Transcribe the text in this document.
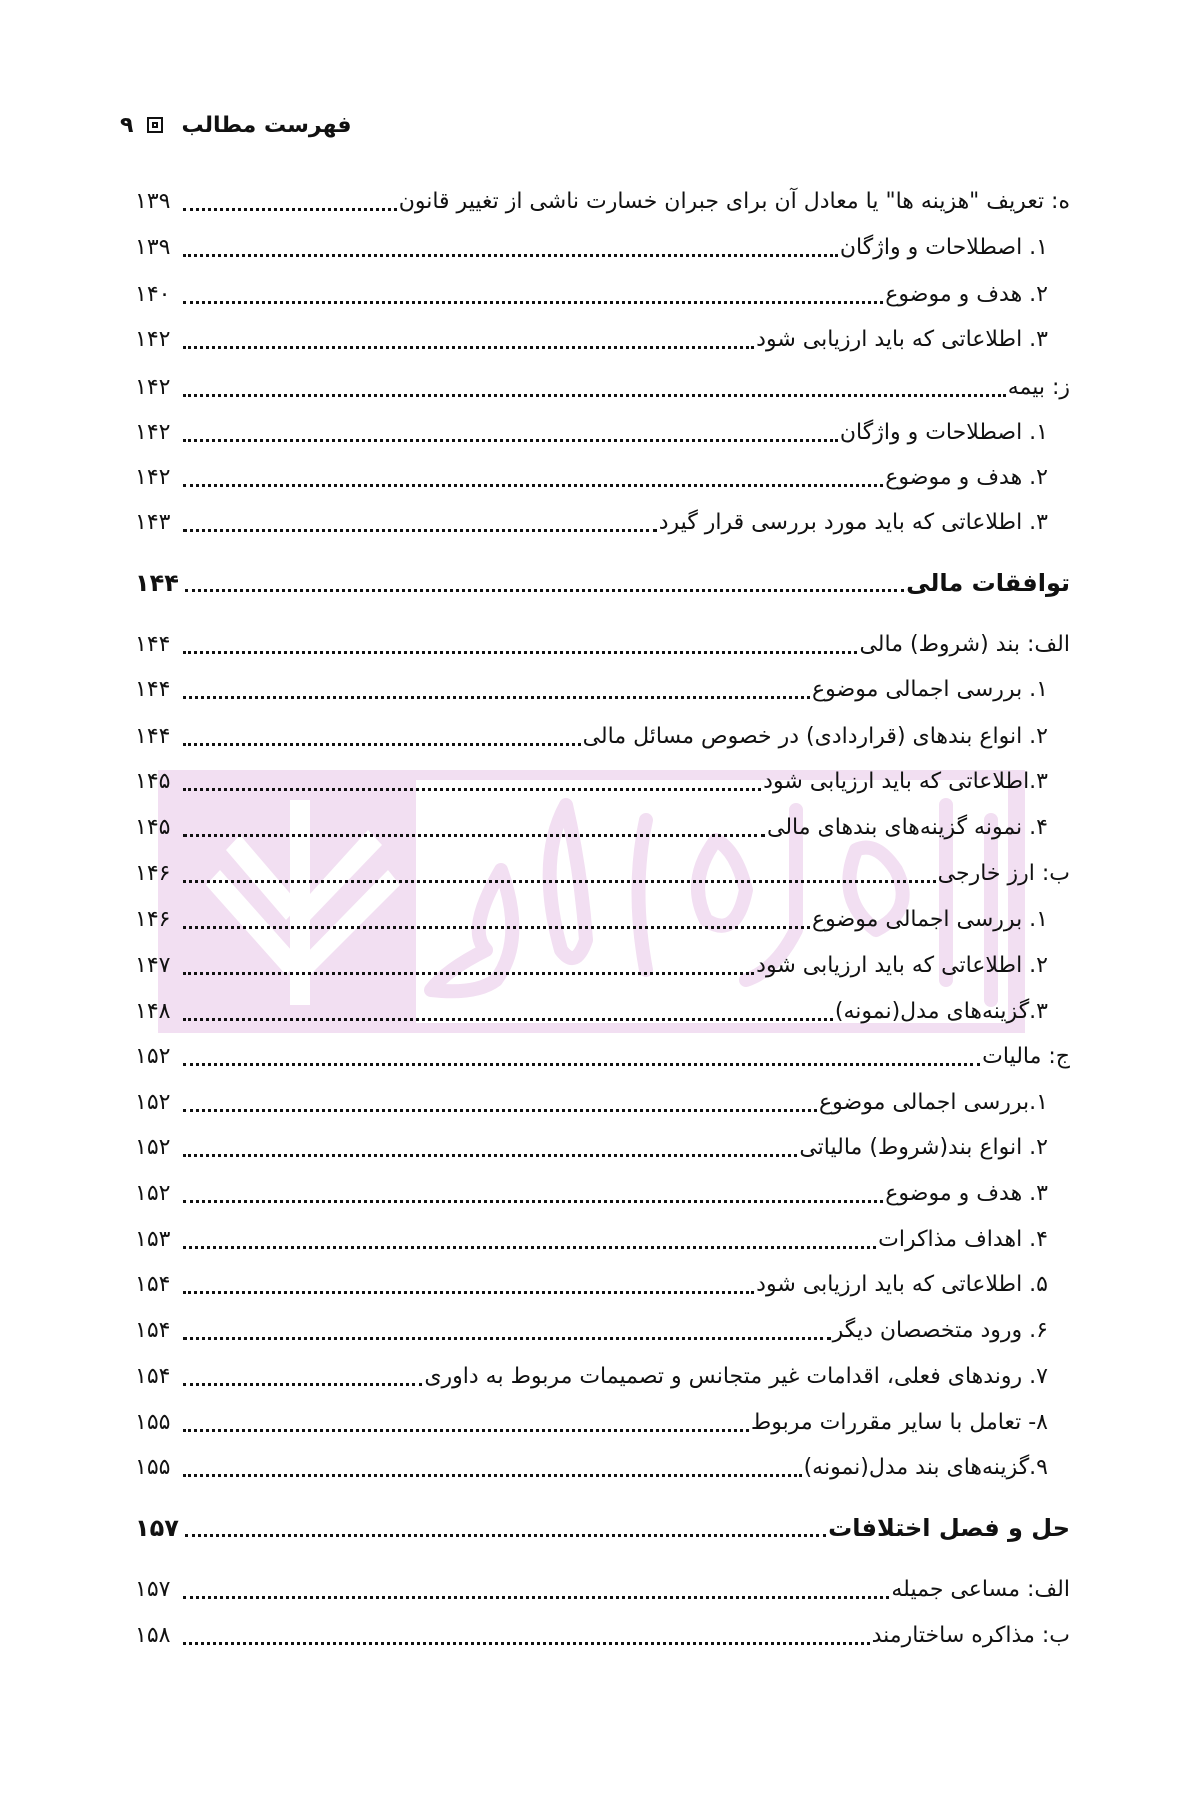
۹ فهرست مطالب
ه: تعریف "هزینه ها" یا معادل آن برای جبران خسارت ناشی از تغییر قانون
۱۳۹
۱. اصطلاحات و واژگان
۱۳۹
۲. هدف و موضوع
۱۴۰
۳. اطلاعاتی که باید ارزیابی شود
۱۴۲
ز: بیمه
۱۴۲
۱. اصطلاحات و واژگان
۱۴۲
۲. هدف و موضوع
۱۴۲
۳. اطلاعاتی که باید مورد بررسی قرار گیرد
۱۴۳
توافقات مالی
۱۴۴
الف: بند (شروط) مالی
۱۴۴
۱. بررسی اجمالی موضوع
۱۴۴
۲. انواع بندهای (قراردادی) در خصوص مسائل مالی
۱۴۴
۳.اطلاعاتی که باید ارزیابی شود
۱۴۵
۴. نمونه گزینه‌های بندهای مالی
۱۴۵
ب: ارز خارجی
۱۴۶
۱. بررسی اجمالی موضوع
۱۴۶
۲. اطلاعاتی که باید ارزیابی شود
۱۴۷
۳.گزینه‌های مدل(نمونه)
۱۴۸
ج: مالیات
۱۵۲
۱.بررسی اجمالی موضوع
۱۵۲
۲. انواع بند(شروط) مالیاتی
۱۵۲
۳. هدف و موضوع
۱۵۲
۴. اهداف مذاکرات
۱۵۳
۵. اطلاعاتی که باید ارزیابی شود
۱۵۴
۶. ورود متخصصان دیگر
۱۵۴
۷. روندهای فعلی، اقدامات غیر متجانس و تصمیمات مربوط به داوری
۱۵۴
۸- تعامل با سایر مقررات مربوط
۱۵۵
۹.گزینه‌های بند مدل(نمونه)
۱۵۵
حل و فصل اختلافات
۱۵۷
الف: مساعی جمیله
۱۵۷
ب: مذاکره ساختارمند
۱۵۸
